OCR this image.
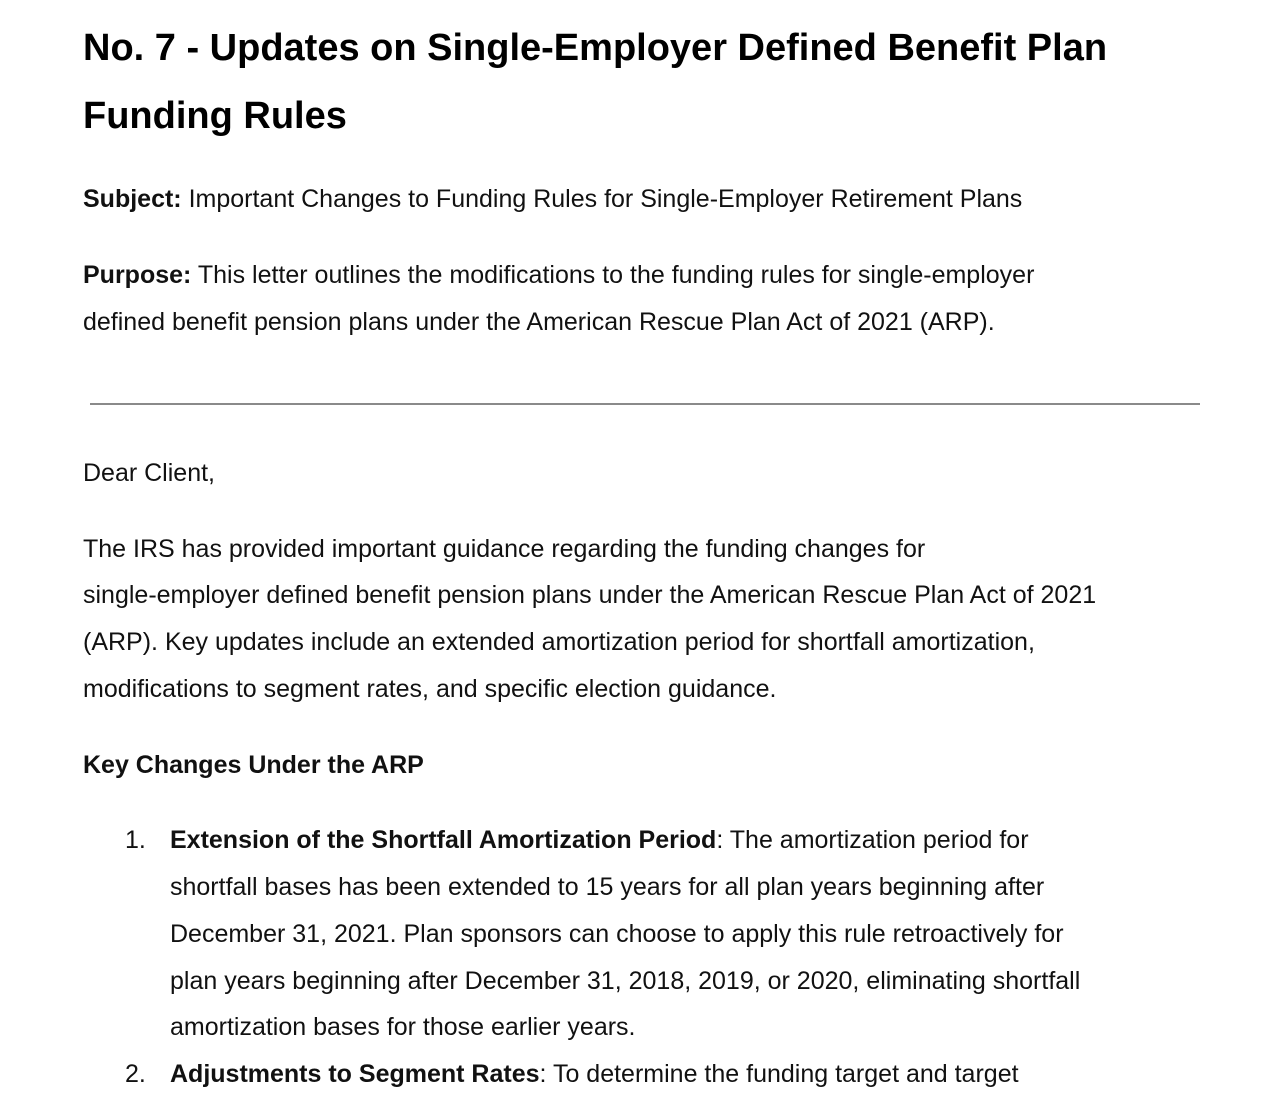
No. 7 - Updates on Single-Employer Defined Benefit Plan
Funding Rules
Subject: Important Changes to Funding Rules for Single-Employer Retirement Plans
Purpose: This letter outlines the modifications to the funding rules for single-employer
defined benefit pension plans under the American Rescue Plan Act of 2021 (ARP).
Dear Client,
The IRS has provided important guidance regarding the funding changes for
single-employer defined benefit pension plans under the American Rescue Plan Act of 2021
(ARP). Key updates include an extended amortization period for shortfall amortization,
modifications to segment rates, and specific election guidance.
Key Changes Under the ARP
1. Extension of the Shortfall Amortization Period: The amortization period for
shortfall bases has been extended to 15 years for all plan years beginning after
December 31, 2021. Plan sponsors can choose to apply this rule retroactively for
plan years beginning after December 31, 2018, 2019, or 2020, eliminating shortfall
amortization bases for those earlier years.
2. Adjustments to Segment Rates: To determine the funding target and target
